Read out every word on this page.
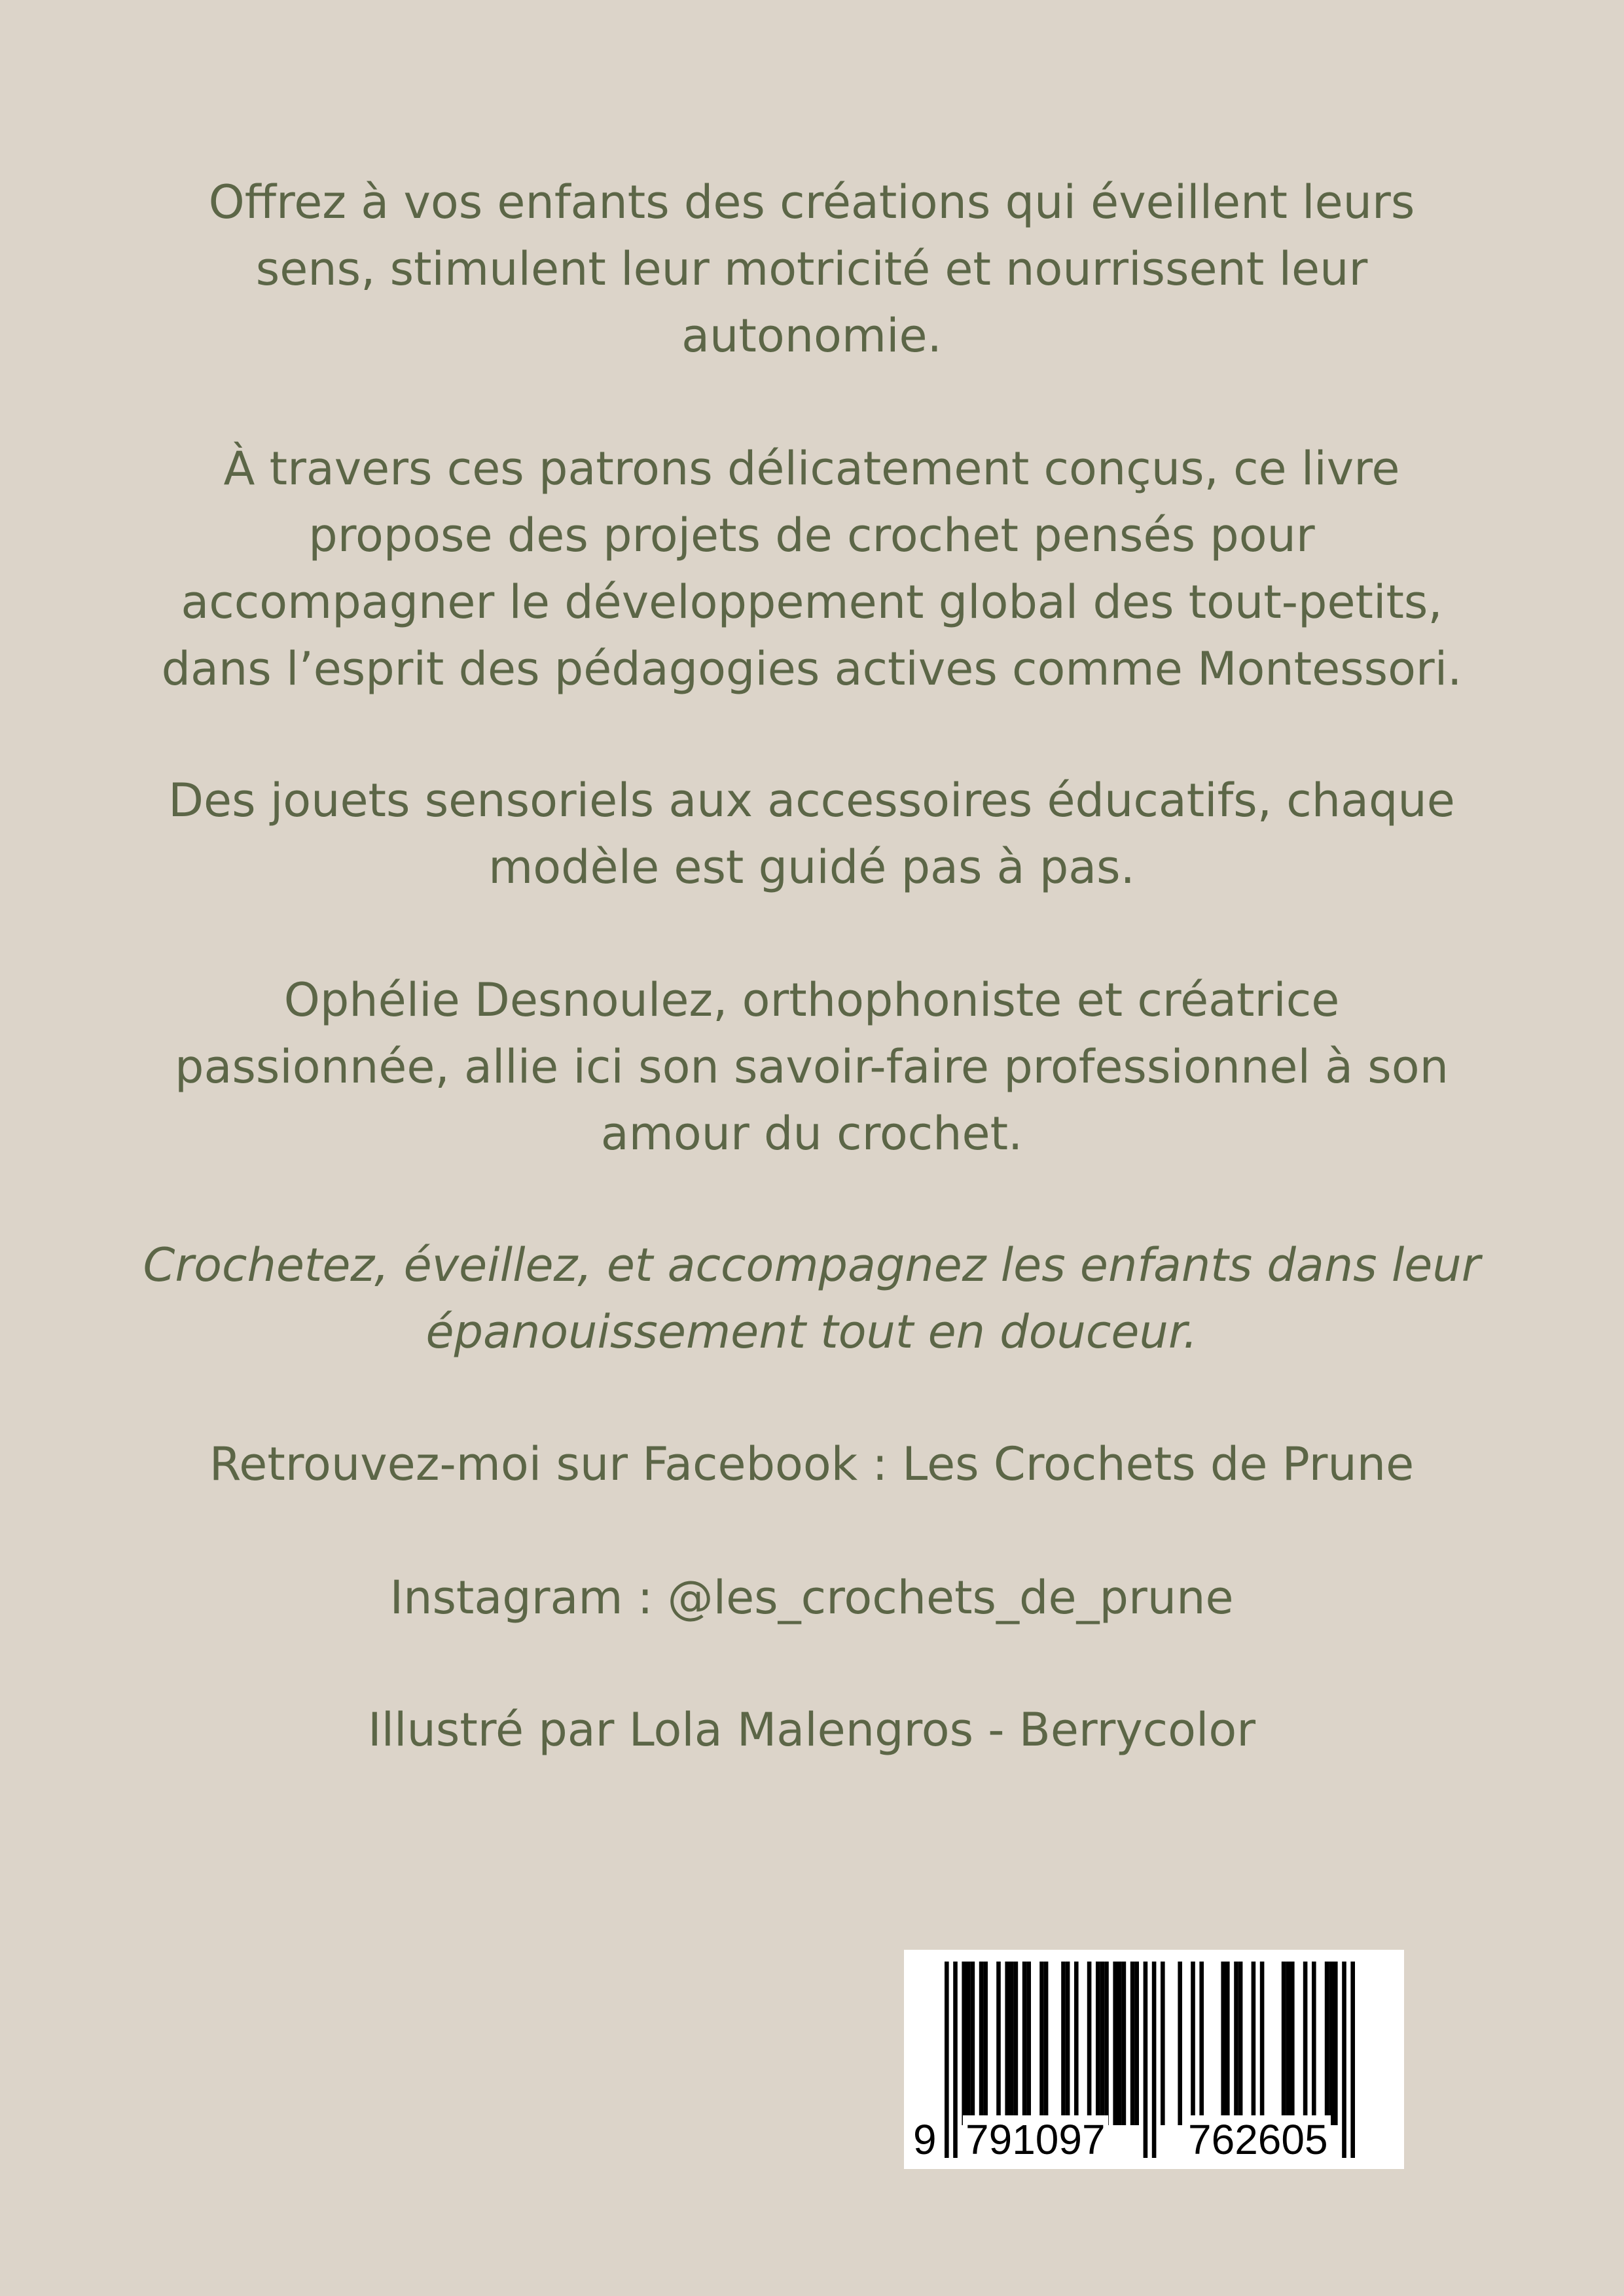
Offrez à vos enfants des créations qui éveillent leurs
sens, stimulent leur motricité et nourrissent leur
autonomie.

À travers ces patrons délicatement conçus, ce livre
propose des projets de crochet pensés pour
accompagner le développement global des tout-petits,
dans l’esprit des pédagogies actives comme Montessori.

Des jouets sensoriels aux accessoires éducatifs, chaque
modèle est guidé pas à pas.

Ophélie Desnoulez, orthophoniste et créatrice
passionnée, allie ici son savoir-faire professionnel à son
amour du crochet.

Crochetez, éveillez, et accompagnez les enfants dans leur
épanouissement tout en douceur.

Retrouvez-moi sur Facebook : Les Crochets de Prune

Instagram : @les_crochets_de_prune

Illustré par Lola Malengros - Berrycolor

9 791097 762605
